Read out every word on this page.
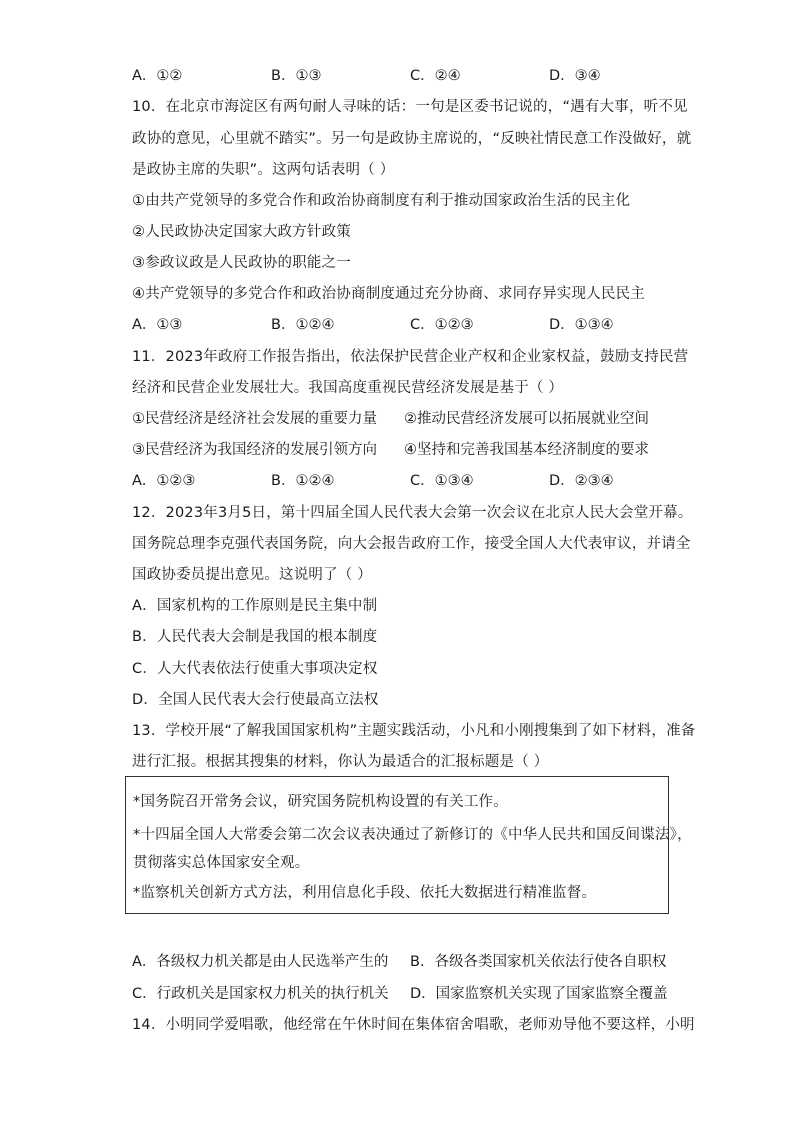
A．①②	B．①③	C．②④	D．③④
10．在北京市海淀区有两句耐人寻味的话：一句是区委书记说的，“遇有大事，听不见
政协的意见，心里就不踏实”。另一句是政协主席说的，“反映社情民意工作没做好，就
是政协主席的失职”。这两句话表明（ ）
①由共产党领导的多党合作和政治协商制度有利于推动国家政治生活的民主化
②人民政协决定国家大政方针政策
③参政议政是人民政协的职能之一
④共产党领导的多党合作和政治协商制度通过充分协商、求同存异实现人民民主
A．①③	B．①②④	C．①②③	D．①③④
11．2023年政府工作报告指出，依法保护民营企业产权和企业家权益，鼓励支持民营
经济和民营企业发展壮大。我国高度重视民营经济发展是基于（ ）
①民营经济是经济社会发展的重要力量 ②推动民营经济发展可以拓展就业空间
③民营经济为我国经济的发展引领方向 ④坚持和完善我国基本经济制度的要求
A．①②③	B．①②④	C．①③④	D．②③④
12．2023年3月5日，第十四届全国人民代表大会第一次会议在北京人民大会堂开幕。
国务院总理李克强代表国务院，向大会报告政府工作，接受全国人大代表审议，并请全
国政协委员提出意见。这说明了（ ）
A．国家机构的工作原则是民主集中制
B．人民代表大会制是我国的根本制度
C．人大代表依法行使重大事项决定权
D．全国人民代表大会行使最高立法权
13．学校开展“了解我国国家机构”主题实践活动，小凡和小刚搜集到了如下材料，准备
进行汇报。根据其搜集的材料，你认为最适合的汇报标题是（ ）
*国务院召开常务会议，研究国务院机构设置的有关工作。
*十四届全国人大常委会第二次会议表决通过了新修订的《中华人民共和国反间谍法》，
贯彻落实总体国家安全观。
*监察机关创新方式方法，利用信息化手段、依托大数据进行精准监督。
A．各级权力机关都是由人民选举产生的 B．各级各类国家机关依法行使各自职权
C．行政机关是国家权力机关的执行机关 D．国家监察机关实现了国家监察全覆盖
14．小明同学爱唱歌，他经常在午休时间在集体宿舍唱歌，老师劝导他不要这样，小明
